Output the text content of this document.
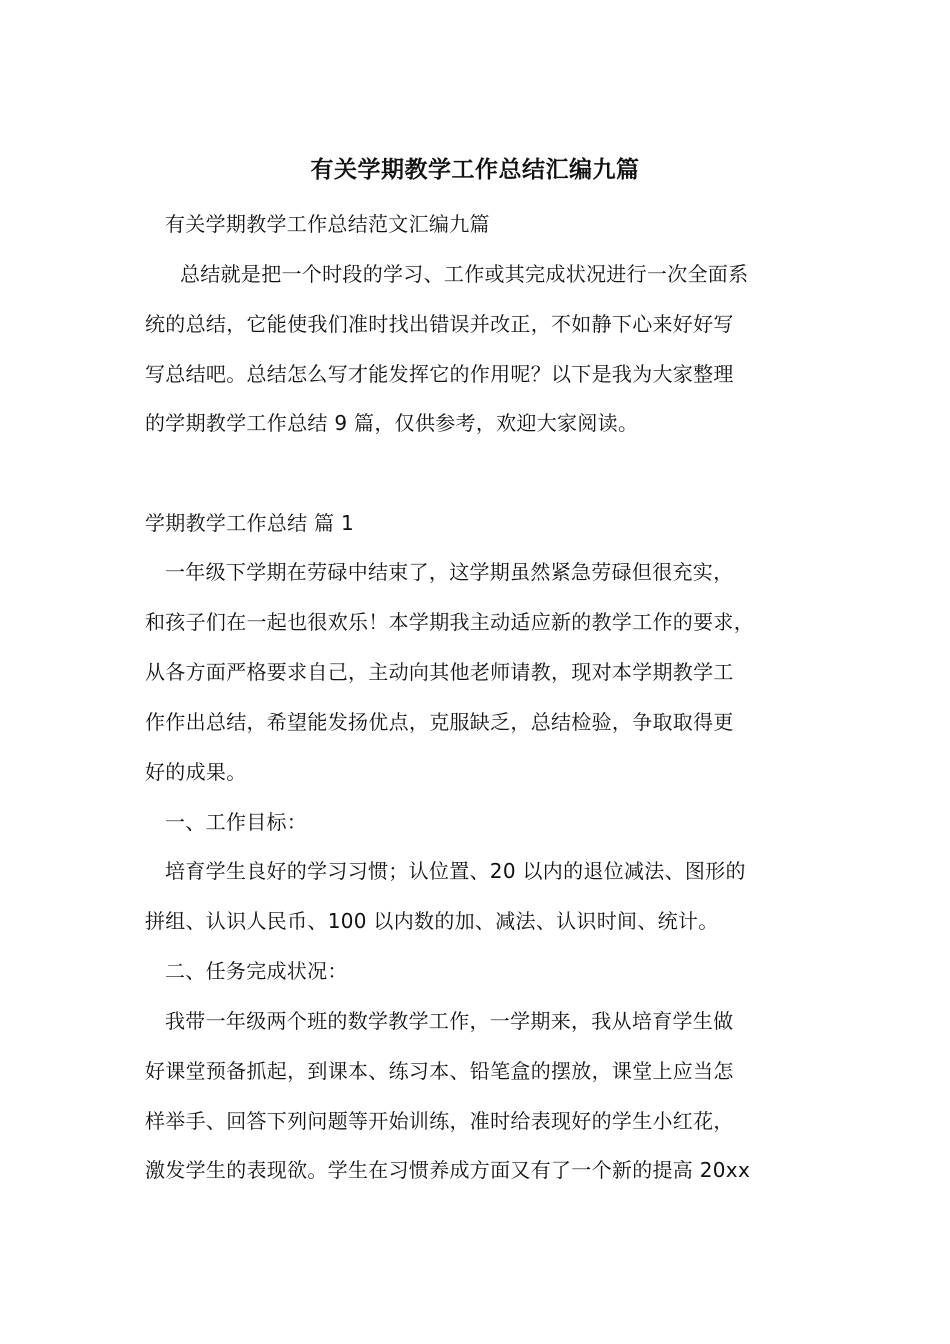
有关学期教学工作总结汇编九篇
有关学期教学工作总结范文汇编九篇
总结就是把一个时段的学习、工作或其完成状况进行一次全面系
统的总结，它能使我们准时找出错误并改正，不如静下心来好好写
写总结吧。总结怎么写才能发挥它的作用呢？以下是我为大家整理
的学期教学工作总结 9 篇，仅供参考，欢迎大家阅读。
学期教学工作总结 篇 1
一年级下学期在劳碌中结束了，这学期虽然紧急劳碌但很充实，
和孩子们在一起也很欢乐！本学期我主动适应新的教学工作的要求，
从各方面严格要求自己，主动向其他老师请教，现对本学期教学工
作作出总结，希望能发扬优点，克服缺乏，总结检验，争取取得更
好的成果。
一、工作目标：
培育学生良好的学习习惯；认位置、20 以内的退位减法、图形的
拼组、认识人民币、100 以内数的加、减法、认识时间、统计。
二、任务完成状况：
我带一年级两个班的数学教学工作，一学期来，我从培育学生做
好课堂预备抓起，到课本、练习本、铅笔盒的摆放，课堂上应当怎
样举手、回答下列问题等开始训练，准时给表现好的学生小红花，
激发学生的表现欲。学生在习惯养成方面又有了一个新的提高 20xx
